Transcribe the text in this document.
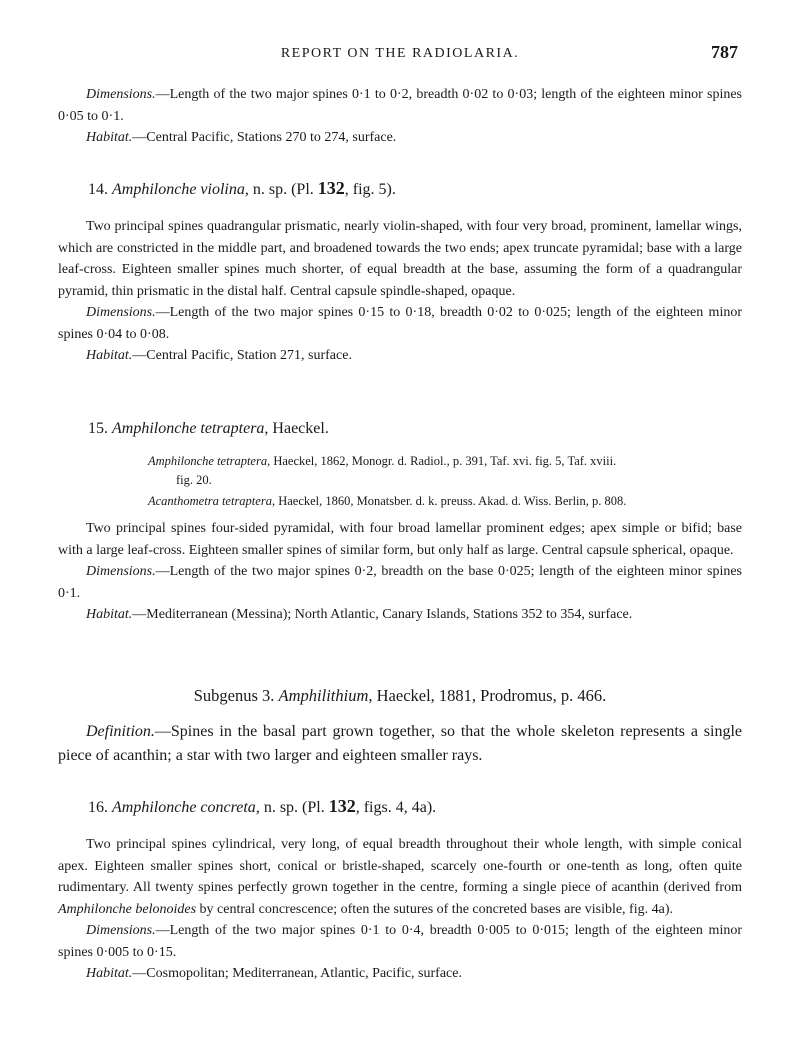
REPORT ON THE RADIOLARIA.	787

Dimensions.—Length of the two major spines 0·1 to 0·2, breadth 0·02 to 0·03; length of the eighteen minor spines 0·05 to 0·1.

Habitat.—Central Pacific, Stations 270 to 274, surface.

14. Amphilonche violina, n. sp. (Pl. 132, fig. 5).

Two principal spines quadrangular prismatic, nearly violin-shaped, with four very broad, prominent, lamellar wings, which are constricted in the middle part, and broadened towards the two ends; apex truncate pyramidal; base with a large leaf-cross. Eighteen smaller spines much shorter, of equal breadth at the base, assuming the form of a quadrangular pyramid, thin prismatic in the distal half. Central capsule spindle-shaped, opaque.

Dimensions.—Length of the two major spines 0·15 to 0·18, breadth 0·02 to 0·025; length of the eighteen minor spines 0·04 to 0·08.

Habitat.—Central Pacific, Station 271, surface.

15. Amphilonche tetraptera, Haeckel.

Amphilonche tetraptera, Haeckel, 1862, Monogr. d. Radiol., p. 391, Taf. xvi. fig. 5, Taf. xviii.
fig. 20.

Acanthometra tetraptera, Haeckel, 1860, Monatsber. d. k. preuss. Akad. d. Wiss. Berlin, p. 808.

Two principal spines four-sided pyramidal, with four broad lamellar prominent edges; apex simple or bifid; base with a large leaf-cross. Eighteen smaller spines of similar form, but only half as large. Central capsule spherical, opaque.

Dimensions.—Length of the two major spines 0·2, breadth on the base 0·025; length of the eighteen minor spines 0·1.

Habitat.—Mediterranean (Messina); North Atlantic, Canary Islands, Stations 352 to 354, surface.

Subgenus 3. Amphilithium, Haeckel, 1881, Prodromus, p. 466.

Definition.—Spines in the basal part grown together, so that the whole skeleton represents a single piece of acanthin; a star with two larger and eighteen smaller rays.

16. Amphilonche concreta, n. sp. (Pl. 132, figs. 4, 4a).

Two principal spines cylindrical, very long, of equal breadth throughout their whole length, with simple conical apex. Eighteen smaller spines short, conical or bristle-shaped, scarcely one-fourth or one-tenth as long, often quite rudimentary. All twenty spines perfectly grown together in the centre, forming a single piece of acanthin (derived from Amphilonche belonoides by central concrescence; often the sutures of the concreted bases are visible, fig. 4a).

Dimensions.—Length of the two major spines 0·1 to 0·4, breadth 0·005 to 0·015; length of the eighteen minor spines 0·005 to 0·15.

Habitat.—Cosmopolitan; Mediterranean, Atlantic, Pacific, surface.
